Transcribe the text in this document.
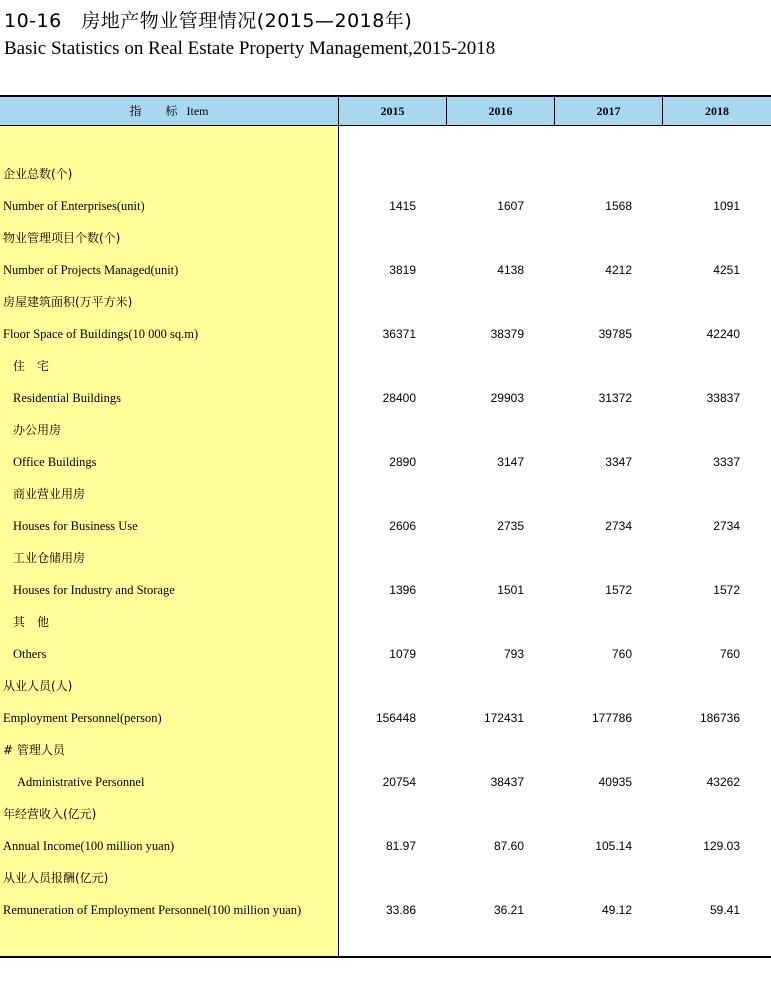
10-16　房地产物业管理情况(2015—2018年)
Basic Statistics on Real Estate Property Management,2015-2018
指　标 Item	2015	2016	2017	2018
企业总数(个)
Number of Enterprises(unit)	1415	1607	1568	1091
物业管理项目个数(个)
Number of Projects Managed(unit)	3819	4138	4212	4251
房屋建筑面积(万平方米)
Floor Space of Buildings(10 000 sq.m)	36371	38379	39785	42240
住　宅
Residential Buildings	28400	29903	31372	33837
办公用房
Office Buildings	2890	3147	3347	3337
商业营业用房
Houses for Business Use	2606	2735	2734	2734
工业仓储用房
Houses for Industry and Storage	1396	1501	1572	1572
其　他
Others	1079	793	760	760
从业人员(人)
Employment Personnel(person)	156448	172431	177786	186736
# 管理人员
Administrative Personnel	20754	38437	40935	43262
年经营收入(亿元)
Annual Income(100 million yuan)	81.97	87.60	105.14	129.03
从业人员报酬(亿元)
Remuneration of Employment Personnel(100 million yuan)	33.86	36.21	49.12	59.41
